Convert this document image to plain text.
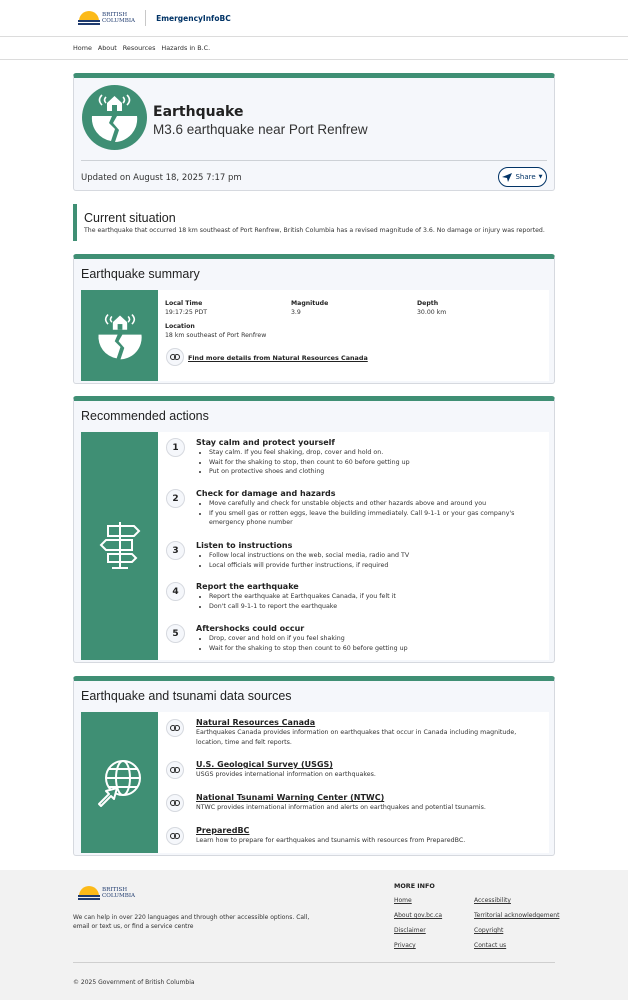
BRITISH
COLUMBIA	EmergencyInfoBC
Home About Resources Hazards in B.C.
Earthquake
M3.6 earthquake near Port Renfrew
Updated on August 18, 2025 7:17 pm	Share ▼
Current situation

The earthquake that occurred 18 km southeast of Port Renfrew, British Columbia has a revised magnitude of 3.6. No damage or injury was reported.

Earthquake summary
Local Time
19:17:25 PDT
Magnitude
3.9
Depth
30.00 km
Location
18 km southeast of Port Renfrew
Find more details from Natural Resources Canada
Recommended actions
1	Stay calm and protect yourself
• Stay calm. If you feel shaking, drop, cover and hold on.
• Wait for the shaking to stop, then count to 60 before getting up
• Put on protective shoes and clothing
2	Check for damage and hazards
• Move carefully and check for unstable objects and other hazards above and around you
• If you smell gas or rotten eggs, leave the building immediately. Call 9-1-1 or your gas company's emergency phone number
3	Listen to instructions
• Follow local instructions on the web, social media, radio and TV
• Local officials will provide further instructions, if required
4	Report the earthquake
• Report the earthquake at Earthquakes Canada, if you felt it
• Don't call 9-1-1 to report the earthquake
5	Aftershocks could occur
• Drop, cover and hold on if you feel shaking
• Wait for the shaking to stop then count to 60 before getting up
Earthquake and tsunami data sources
Natural Resources Canada
Earthquakes Canada provides information on earthquakes that occur in Canada including magnitude, location, time and felt reports.
U.S. Geological Survey (USGS)
USGS provides international information on earthquakes.
National Tsunami Warning Center (NTWC)
NTWC provides international information and alerts on earthquakes and potential tsunamis.
PreparedBC
Learn how to prepare for earthquakes and tsunamis with resources from PreparedBC.
BRITISH
COLUMBIA
We can help in over 220 languages and through other accessible options. Call, email or text us, or find a service centre
MORE INFO
Home	Accessibility
About gov.bc.ca	Territorial acknowledgement
Disclaimer	Copyright
Privacy	Contact us
© 2025 Government of British Columbia
